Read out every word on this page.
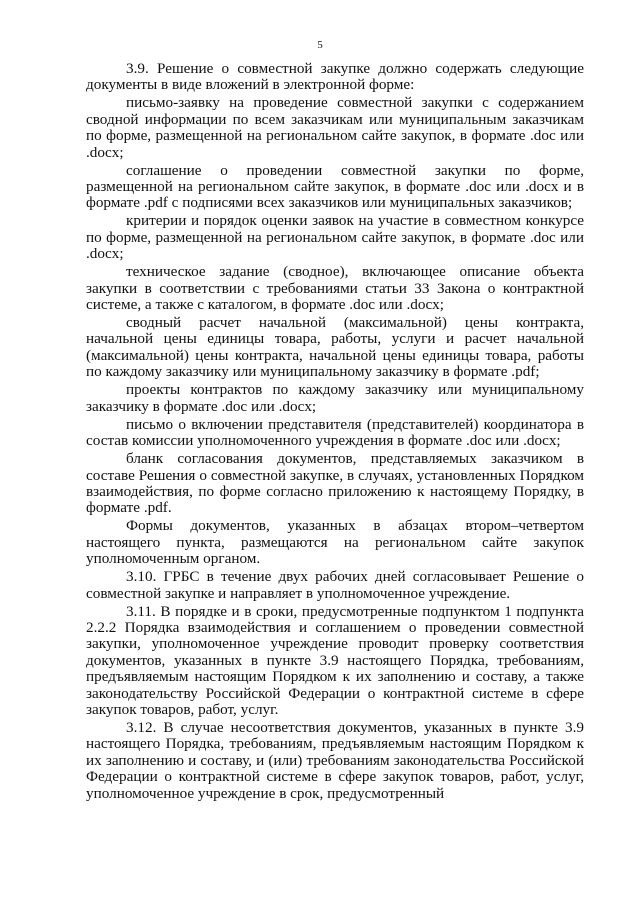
5

3.9. Решение о совместной закупке должно содержать следующие документы в виде вложений в электронной форме:

письмо-заявку на проведение совместной закупки с содержанием сводной информации по всем заказчикам или муниципальным заказчикам по форме, размещенной на региональном сайте закупок, в формате .doc или .docx;

соглашение о проведении совместной закупки по форме, размещенной на региональном сайте закупок, в формате .doc или .docx и в формате .pdf с подписями всех заказчиков или муниципальных заказчиков;

критерии и порядок оценки заявок на участие в совместном конкурсе по форме, размещенной на региональном сайте закупок, в формате .doc или .docx;

техническое задание (сводное), включающее описание объекта закупки в соответствии с требованиями статьи 33 Закона о контрактной системе, а также с каталогом, в формате .doc или .docx;

сводный расчет начальной (максимальной) цены контракта, начальной цены единицы товара, работы, услуги и расчет начальной (максимальной) цены контракта, начальной цены единицы товара, работы по каждому заказчику или муниципальному заказчику в формате .pdf;

проекты контрактов по каждому заказчику или муниципальному заказчику в формате .doc или .docx;

письмо о включении представителя (представителей) координатора в состав комиссии уполномоченного учреждения в формате .doc или .docx;

бланк согласования документов, представляемых заказчиком в составе Решения о совместной закупке, в случаях, установленных Порядком взаимодействия, по форме согласно приложению к настоящему Порядку, в формате .pdf.

Формы документов, указанных в абзацах втором–четвертом настоящего пункта, размещаются на региональном сайте закупок уполномоченным органом.

3.10. ГРБС в течение двух рабочих дней согласовывает Решение о совместной закупке и направляет в уполномоченное учреждение.

3.11. В порядке и в сроки, предусмотренные подпунктом 1 подпункта 2.2.2 Порядка взаимодействия и соглашением о проведении совместной закупки, уполномоченное учреждение проводит проверку соответствия документов, указанных в пункте 3.9 настоящего Порядка, требованиям, предъявляемым настоящим Порядком к их заполнению и составу, а также законодательству Российской Федерации о контрактной системе в сфере закупок товаров, работ, услуг.

3.12. В случае несоответствия документов, указанных в пункте 3.9 настоящего Порядка, требованиям, предъявляемым настоящим Порядком к их заполнению и составу, и (или) требованиям законодательства Российской Федерации о контрактной системе в сфере закупок товаров, работ, услуг, уполномоченное учреждение в срок, предусмотренный
